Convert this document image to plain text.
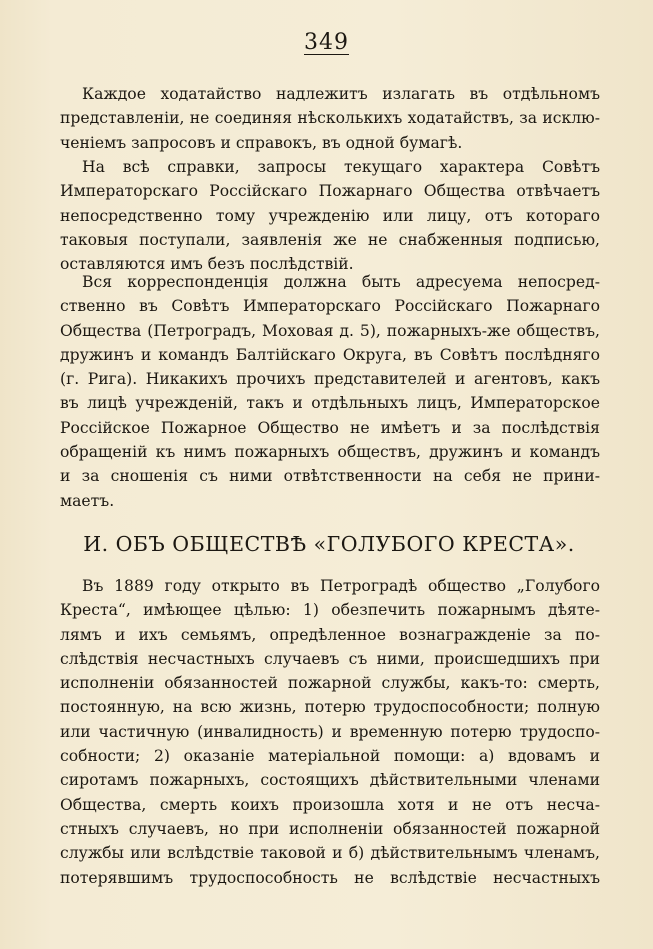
349
Каждое ходатайство надлежитъ излагать въ отдѣльномъ
представленіи, не соединяя нѣсколькихъ ходатайствъ, за исклю-
ченіемъ запросовъ и справокъ, въ одной бумагѣ.
На всѣ справки, запросы текущаго характера Совѣтъ
Императорскаго Россійскаго Пожарнаго Общества отвѣчаетъ
непосредственно тому учрежденію или лицу, отъ котораго
таковыя поступали, заявленія же не снабженныя подписью,
оставляются имъ безъ послѣдствій.
Вся корреспонденція должна быть адресуема непосред-
ственно въ Совѣтъ Императорскаго Россійскаго Пожарнаго
Общества (Петроградъ, Моховая д. 5), пожарныхъ-же обществъ,
дружинъ и командъ Балтійскаго Округа, въ Совѣтъ послѣдняго
(г. Рига). Никакихъ прочихъ представителей и агентовъ, какъ
въ лицѣ учрежденій, такъ и отдѣльныхъ лицъ, Императорское
Россійское Пожарное Общество не имѣетъ и за послѣдствія
обращеній къ нимъ пожарныхъ обществъ, дружинъ и командъ
и за сношенія съ ними отвѣтственности на себя не прини-
маетъ.
И. ОБЪ ОБЩЕСТВѢ «ГОЛУБОГО КРЕСТА».
Въ 1889 году открыто въ Петроградѣ общество „Голубого
Креста“, имѣющее цѣлью: 1) обезпечить пожарнымъ дѣяте-
лямъ и ихъ семьямъ, опредѣленное вознагражденіе за по-
слѣдствія несчастныхъ случаевъ съ ними, происшедшихъ при
исполненіи обязанностей пожарной службы, какъ-то: смерть,
постоянную, на всю жизнь, потерю трудоспособности; полную
или частичную (инвалидность) и временную потерю трудоспо-
собности; 2) оказаніе матеріальной помощи: а) вдовамъ и
сиротамъ пожарныхъ, состоящихъ дѣйствительными членами
Общества, смерть коихъ произошла хотя и не отъ несча-
стныхъ случаевъ, но при исполненіи обязанностей пожарной
службы или вслѣдствіе таковой и б) дѣйствительнымъ членамъ,
потерявшимъ трудоспособность не вслѣдствіе несчастныхъ
